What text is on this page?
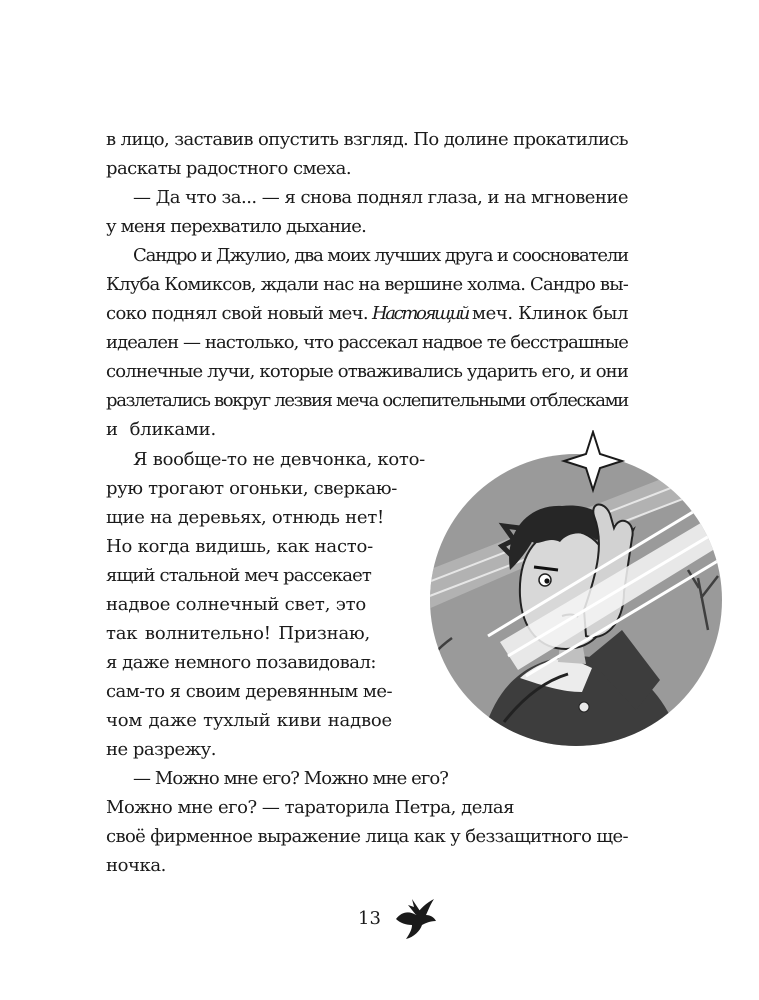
в лицо, заставив опустить взгляд. По долине прокатились

раскаты радостного смеха.

— Да что за... — я снова поднял глаза, и на мгновение

у меня перехватило дыхание.

Сандро и Джулио, два моих лучших друга и сооснователи

Клуба Комиксов, ждали нас на вершине холма. Сандро вы-

соко поднял свой новый меч. Настоящий меч. Клинок был

идеален — настолько, что рассекал надвое те бесстрашные

солнечные лучи, которые отваживались ударить его, и они

разлетались вокруг лезвия меча ослепительными отблесками

и бликами.

Я вообще-то не девчонка, кото-

рую трогают огоньки, сверкаю-

щие на деревьях, отнюдь нет!

Но когда видишь, как насто-

ящий стальной меч рассекает

надвое солнечный свет, это

так волнительно! Признаю,

я даже немного позавидовал:

сам-то я своим деревянным ме-

чом даже тухлый киви надвое

не разрежу.

— Можно мне его? Можно мне его?

Можно мне его? — тараторила Петра, делая

своё фирменное выражение лица как у беззащитного ще-

ночка.

13
